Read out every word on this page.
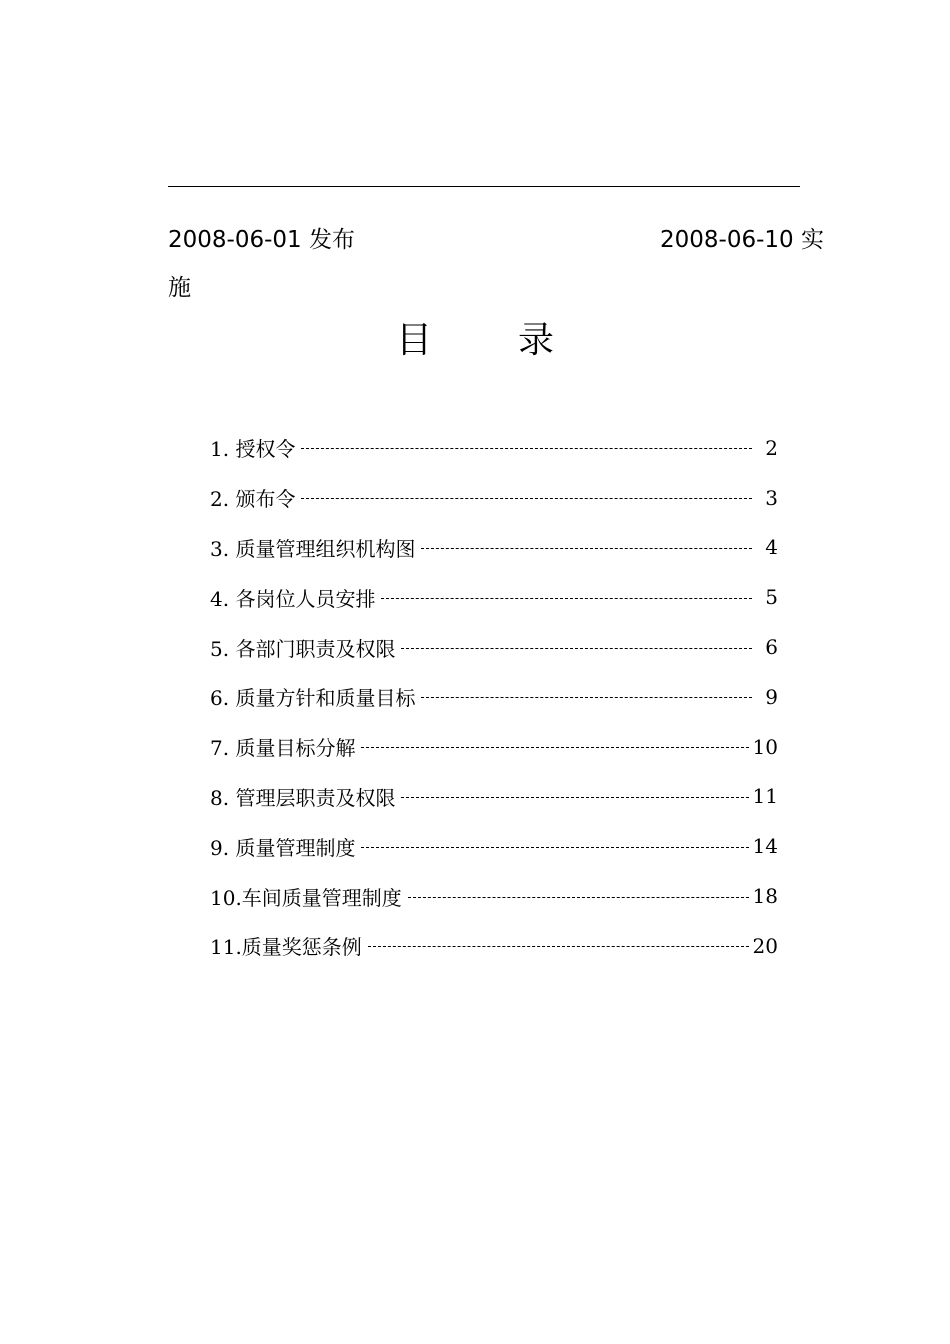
2008-06-01 发布	2008-06-10 实
施
目录
1. 授权令	2
2. 颁布令	3
3. 质量管理组织机构图	4
4. 各岗位人员安排	5
5. 各部门职责及权限	6
6. 质量方针和质量目标	9
7. 质量目标分解	10
8. 管理层职责及权限	11
9. 质量管理制度	14
10.车间质量管理制度	18
11.质量奖惩条例	20
